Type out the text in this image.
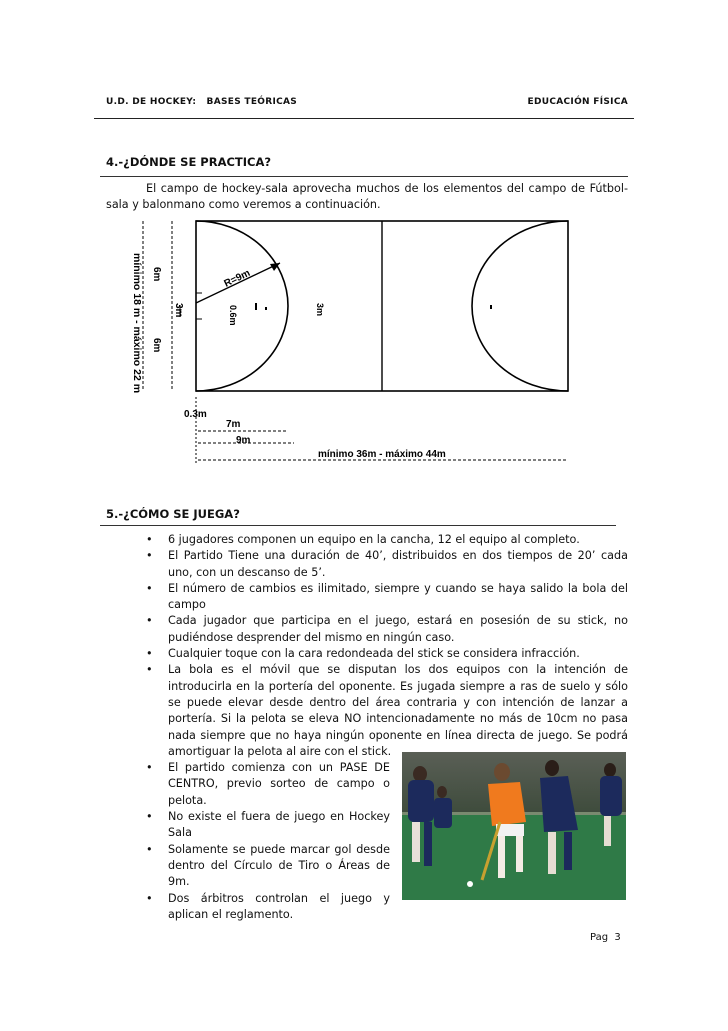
U.D. DE HOCKEY:   BASES TEÓRICAS	EDUCACIÓN FÍSICA
4.-¿DÓNDE SE PRACTICA?
El campo de hockey-sala aprovecha muchos de los elementos del campo de Fútbol-sala y balonmano como veremos a continuación.
R=9m
0.6m	3m
mínimo 18 m - máximo 22 m 6m
6m
3m
0.3m
7m
9m
mínimo 36m - máximo 44m
5.-¿CÓMO SE JUEGA?
• 6 jugadores componen un equipo en la cancha, 12 el equipo al completo.
• El Partido Tiene una duración de 40’, distribuidos en dos tiempos de 20’ cada uno, con un descanso de 5’.
• El número de cambios es ilimitado, siempre y cuando se haya salido la bola del campo
• Cada jugador que participa en el juego, estará en posesión de su stick, no pudiéndose desprender del mismo en ningún caso.
• Cualquier toque con la cara redondeada del stick se considera infracción.
• La bola es el móvil que se disputan los dos equipos con la intención de introducirla en la portería del oponente. Es jugada siempre a ras de suelo y sólo se puede elevar desde dentro del área contraria y con intención de lanzar a portería. Si la pelota se eleva NO intencionadamente no más de 10cm no pasa nada siempre que no haya ningún oponente en línea directa de juego. Se podrá amortiguar la pelota al aire con el stick.
• El partido comienza con un PASE DE CENTRO, previo sorteo de campo o pelota.
• No existe el fuera de juego en Hockey Sala
• Solamente se puede marcar gol desde dentro del Círculo de Tiro o Áreas de 9m.
• Dos árbitros controlan el juego y aplican el reglamento.
Pag  3
